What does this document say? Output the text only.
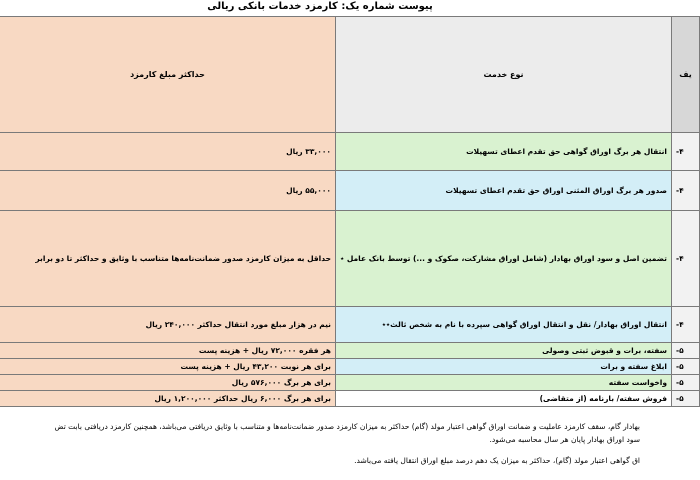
پیوست شماره یک: کارمزد خدمات بانکی ریالی
یف	نوع خدمت	حداکثر مبلغ کارمزد
-۴	انتقال هر برگ اوراق گواهی حق تقدم اعطای تسهیلات	۳۳,۰۰۰ ریال
-۴	صدور هر برگ اوراق المثنی اوراق حق تقدم اعطای تسهیلات	۵۵,۰۰۰ ریال
-۴	تضمین اصل و سود اوراق بهادار (شامل اوراق مشارکت، صکوک و ...) توسط بانک عامل ٭	حداقل به میزان کارمزد صدور ضمانت‌نامه‌ها متناسب با وثایق و حداکثر تا دو برابر
-۴	انتقال اوراق بهادار/ نقل و انتقال اوراق گواهی سپرده با نام به شخص ثالث٭٭	نیم در هزار مبلغ مورد انتقال حداکثر ۲۴۰,۰۰۰ ریال
-۵	سفته، برات و قبوض ثبتی وصولی	هر فقره ۷۲,۰۰۰ ریال + هزینه پست
-۵	ابلاغ سفته و برات	برای هر نوبت ۴۳,۲۰۰ ریال + هزینه پست
-۵	واخواست سفته	برای هر برگ ۵۷۶,۰۰۰ ریال
-۵	فروش سفته/ بارنامه (از متقاضی)	برای هر برگ ۶,۰۰۰ ریال حداکثر ۱,۲۰۰,۰۰۰ ریال
بهادار گام، سقف کارمزد عاملیت و ضمانت اوراق گواهی اعتبار مولد (گام) حداکثر به میزان کارمزد صدور ضمانت‌نامه‌ها و متناسب با وثایق دریافتی می‌باشد، همچنین کارمزد دریافتی بابت تض
سود اوراق بهادار پایان هر سال محاسبه می‌شود.
اق گواهی اعتبار مولد (گام)، حداکثر به میزان یک دهم درصد مبلغ اوراق انتقال یافته می‌باشد.
